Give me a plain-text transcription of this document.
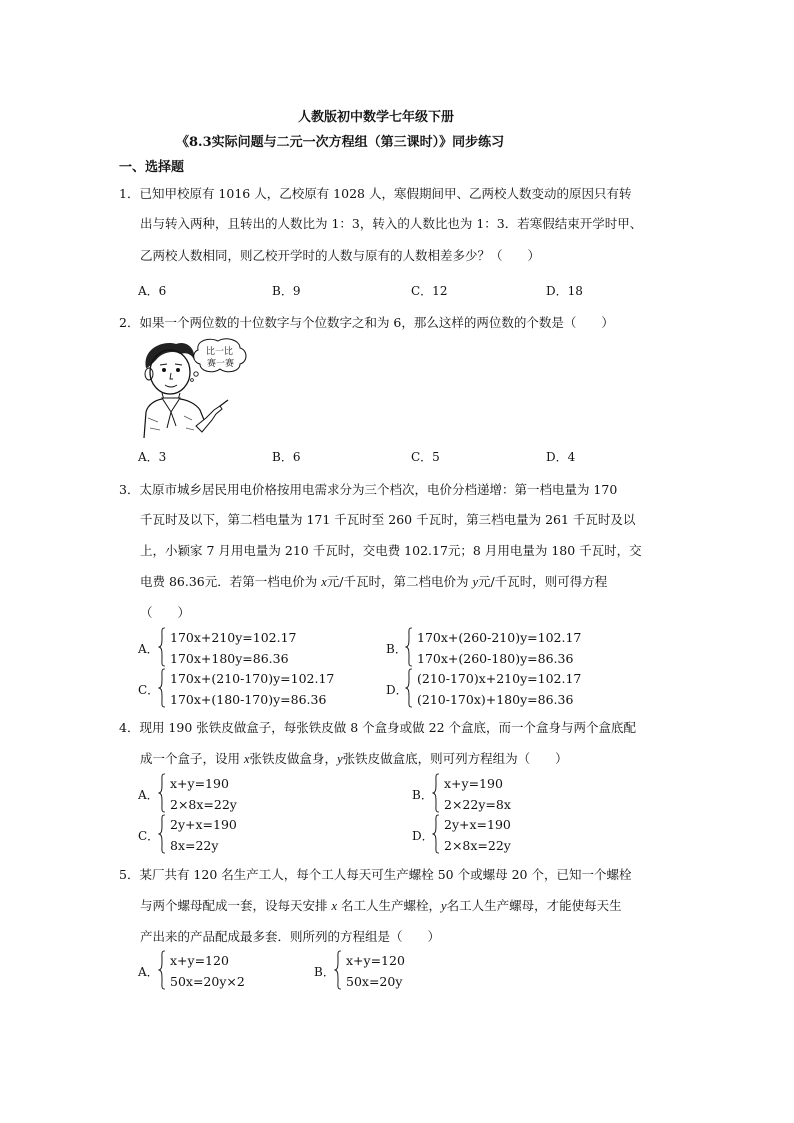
人教版初中数学七年级下册
《8.3实际问题与二元一次方程组（第三课时）》同步练习
一、选择题
1．已知甲校原有 1016 人，乙校原有 1028 人，寒假期间甲、乙两校人数变动的原因只有转
出与转入两种，且转出的人数比为 1：3，转入的人数比也为 1：3．若寒假结束开学时甲、
乙两校人数相同，则乙校开学时的人数与原有的人数相差多少？（　　）
A．6	B．9	C．12	D．18
2．如果一个两位数的十位数字与个位数字之和为 6，那么这样的两位数的个数是（　　）
比一比
赛一赛
A．3	B．6	C．5	D．4
3．太原市城乡居民用电价格按用电需求分为三个档次，电价分档递增：第一档电量为 170
千瓦时及以下，第二档电量为 171 千瓦时至 260 千瓦时，第三档电量为 261 千瓦时及以
上，小颖家 7 月用电量为 210 千瓦时，交电费 102.17元；8 月用电量为 180 千瓦时，交
电费 86.36元．若第一档电价为 x元/千瓦时，第二档电价为 y元/千瓦时，则可得方程
（　　）
A．
170x+210y=102.17
170x+180y=86.36
B．
170x+(260-210)y=102.17
170x+(260-180)y=86.36
C．
170x+(210-170)y=102.17
170x+(180-170)y=86.36
D．
(210-170)x+210y=102.17
(210-170x)+180y=86.36
4．现用 190 张铁皮做盒子，每张铁皮做 8 个盒身或做 22 个盒底，而一个盒身与两个盒底配
成一个盒子，设用 x张铁皮做盒身，y张铁皮做盒底，则可列方程组为（　　）
A．
x+y=190
2×8x=22y
B．
x+y=190
2×22y=8x
C．
2y+x=190
8x=22y
D．
2y+x=190
2×8x=22y
5．某厂共有 120 名生产工人，每个工人每天可生产螺栓 50 个或螺母 20 个，已知一个螺栓
与两个螺母配成一套，设每天安排 x 名工人生产螺栓，y名工人生产螺母，才能使每天生
产出来的产品配成最多套．则所列的方程组是（　　）
A．
x+y=120
50x=20y×2
B．
x+y=120
50x=20y
